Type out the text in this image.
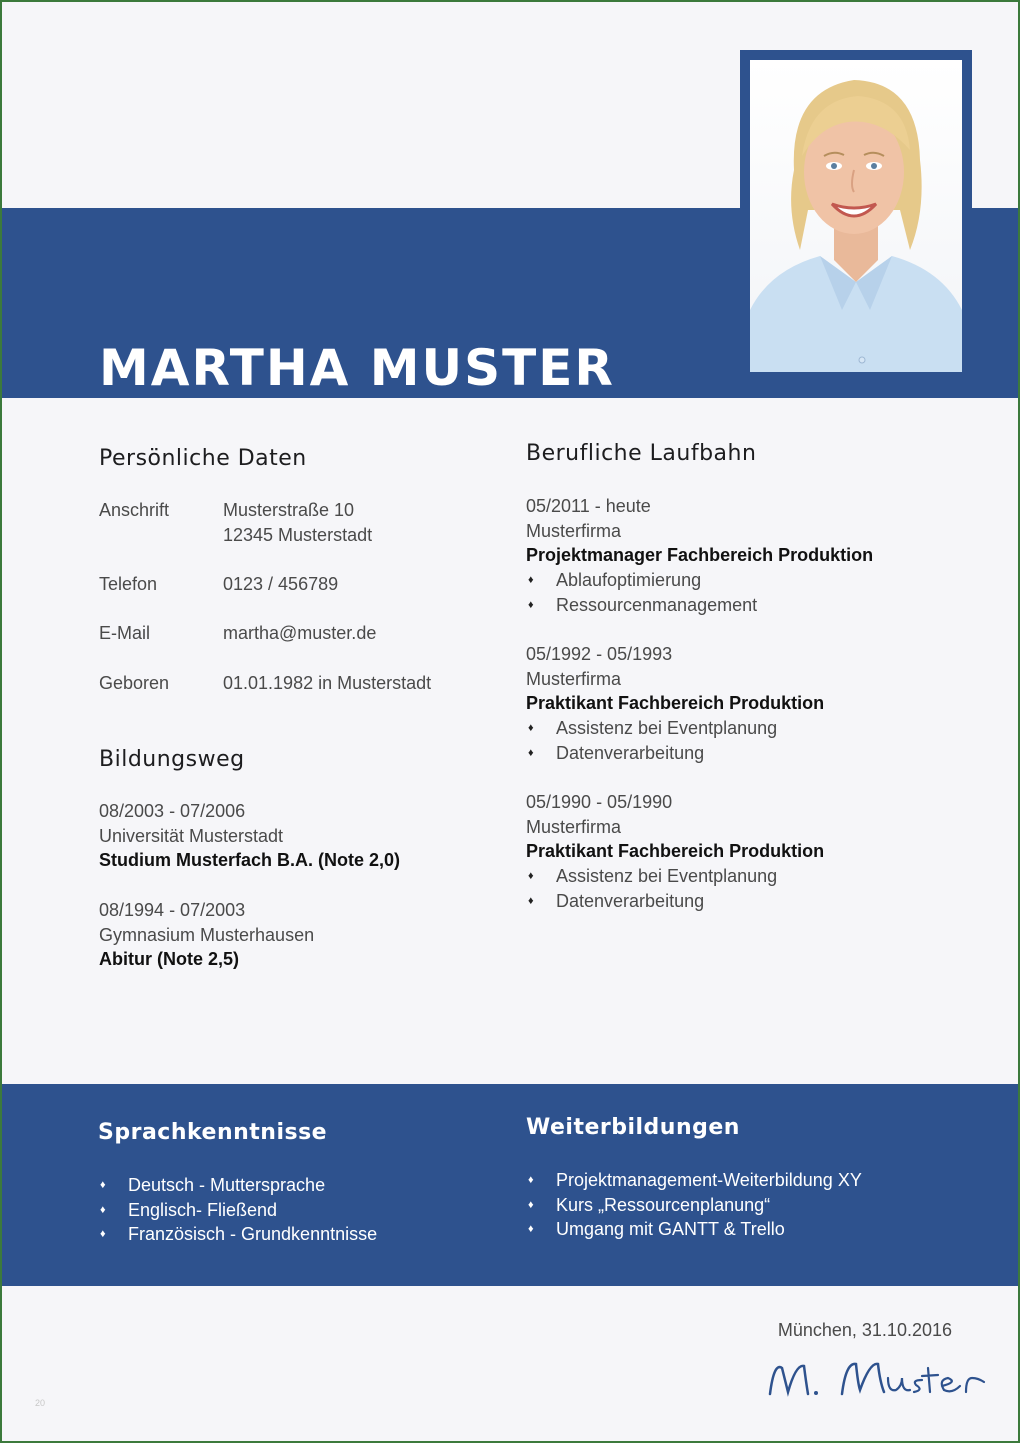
MARTHA MUSTER
Persönliche Daten
Anschrift	Musterstraße 10
12345 Musterstadt
Telefon	0123 / 456789
E-Mail	martha@muster.de
Geboren	01.01.1982 in Musterstadt
Bildungsweg
08/2003 - 07/2006
Universität Musterstadt
Studium Musterfach B.A. (Note 2,0)
08/1994 - 07/2003
Gymnasium Musterhausen
Abitur (Note 2,5)
Berufliche Laufbahn
05/2011 - heute
Musterfirma
Projektmanager Fachbereich Produktion
♦ Ablaufoptimierung
♦ Ressourcenmanagement
05/1992 - 05/1993
Musterfirma
Praktikant Fachbereich Produktion
♦ Assistenz bei Eventplanung
♦ Datenverarbeitung
05/1990 - 05/1990
Musterfirma
Praktikant Fachbereich Produktion
♦ Assistenz bei Eventplanung
♦ Datenverarbeitung
Sprachkenntnisse
♦ Deutsch - Muttersprache
♦ Englisch- Fließend
♦ Französisch - Grundkenntnisse
Weiterbildungen
♦ Projektmanagement-Weiterbildung XY
♦ Kurs „Ressourcenplanung“
♦ Umgang mit GANTT & Trello
München, 31.10.2016
20
